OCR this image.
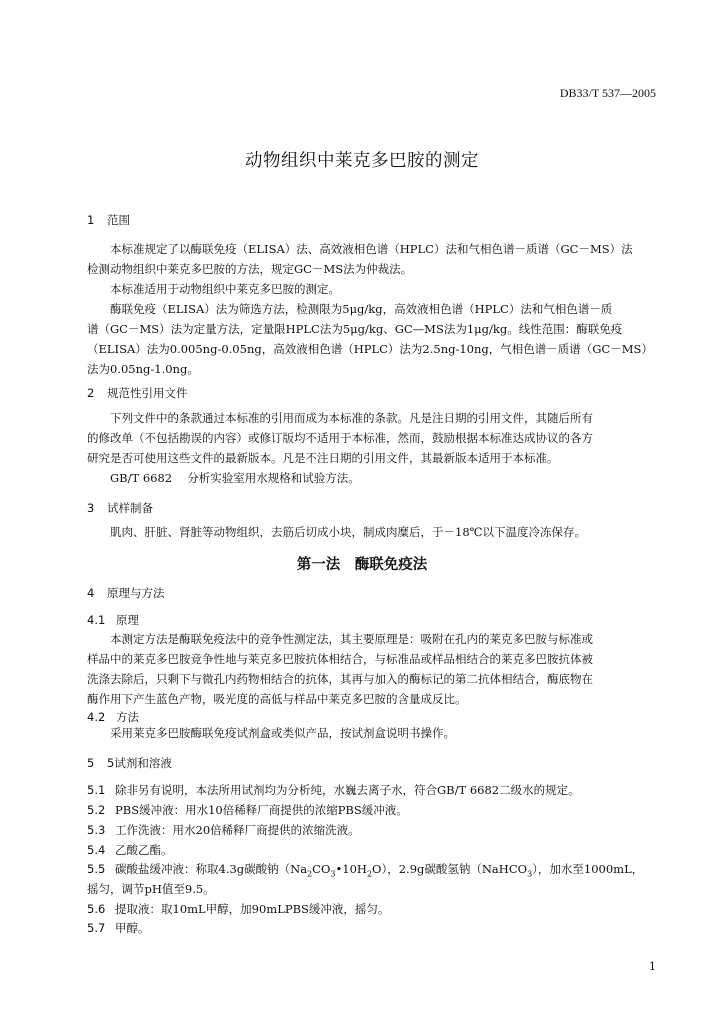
DB33/T 537—2005
动物组织中莱克多巴胺的测定
1 范围
本标准规定了以酶联免疫（ELISA）法、高效液相色谱（HPLC）法和气相色谱－质谱（GC－MS）法
检测动物组织中莱克多巴胺的方法，规定GC－MS法为仲裁法。
本标准适用于动物组织中莱克多巴胺的测定。
酶联免疫（ELISA）法为筛选方法，检测限为5μg/kg，高效液相色谱（HPLC）法和气相色谱－质
谱（GC－MS）法为定量方法，定量限HPLC法为5μg/kg、GC—MS法为1μg/kg。线性范围：酶联免疫
（ELISA）法为0.005ng-0.05ng，高效液相色谱（HPLC）法为2.5ng-10ng，气相色谱－质谱（GC－MS）
法为0.05ng-1.0ng。
2 规范性引用文件
下列文件中的条款通过本标准的引用而成为本标准的条款。凡是注日期的引用文件，其随后所有
的修改单（不包括勘误的内容）或修订版均不适用于本标准，然而，鼓励根据本标准达成协议的各方
研究是否可使用这些文件的最新版本。凡是不注日期的引用文件，其最新版本适用于本标准。
GB/T 6682　 分析实验室用水规格和试验方法。
3 试样制备
肌肉、肝脏、肾脏等动物组织，去筋后切成小块，制成肉糜后，于－18℃以下温度冷冻保存。
第一法　酶联免疫法
4 原理与方法
4.1 原理
本测定方法是酶联免疫法中的竞争性测定法，其主要原理是：吸附在孔内的莱克多巴胺与标准或
样品中的莱克多巴胺竞争性地与莱克多巴胺抗体相结合，与标准品或样品相结合的莱克多巴胺抗体被
洗涤去除后，只剩下与微孔内药物相结合的抗体，其再与加入的酶标记的第二抗体相结合，酶底物在
酶作用下产生蓝色产物，吸光度的高低与样品中莱克多巴胺的含量成反比。
4.2 方法
采用莱克多巴胺酶联免疫试剂盒或类似产品，按试剂盒说明书操作。
5 5试剂和溶液
5.1 除非另有说明，本法所用试剂均为分析纯，水巍去离子水，符合GB/T 6682二级水的规定。
5.2 PBS缓冲液：用水10倍稀释厂商提供的浓缩PBS缓冲液。
5.3 工作洗液：用水20倍稀释厂商提供的浓缩洗液。
5.4 乙酸乙酯。
5.5 碳酸盐缓冲液：称取4.3g碳酸钠$(Na_2CO_3•10H_2O)$，2.9g碳酸氢钠（NaHCO$_3$），加水至1000mL，
摇匀，调节pH值至9.5。
5.6 提取液：取10mL甲醇，加90mLPBS缓冲液，摇匀。
5.7 甲醇。
1
